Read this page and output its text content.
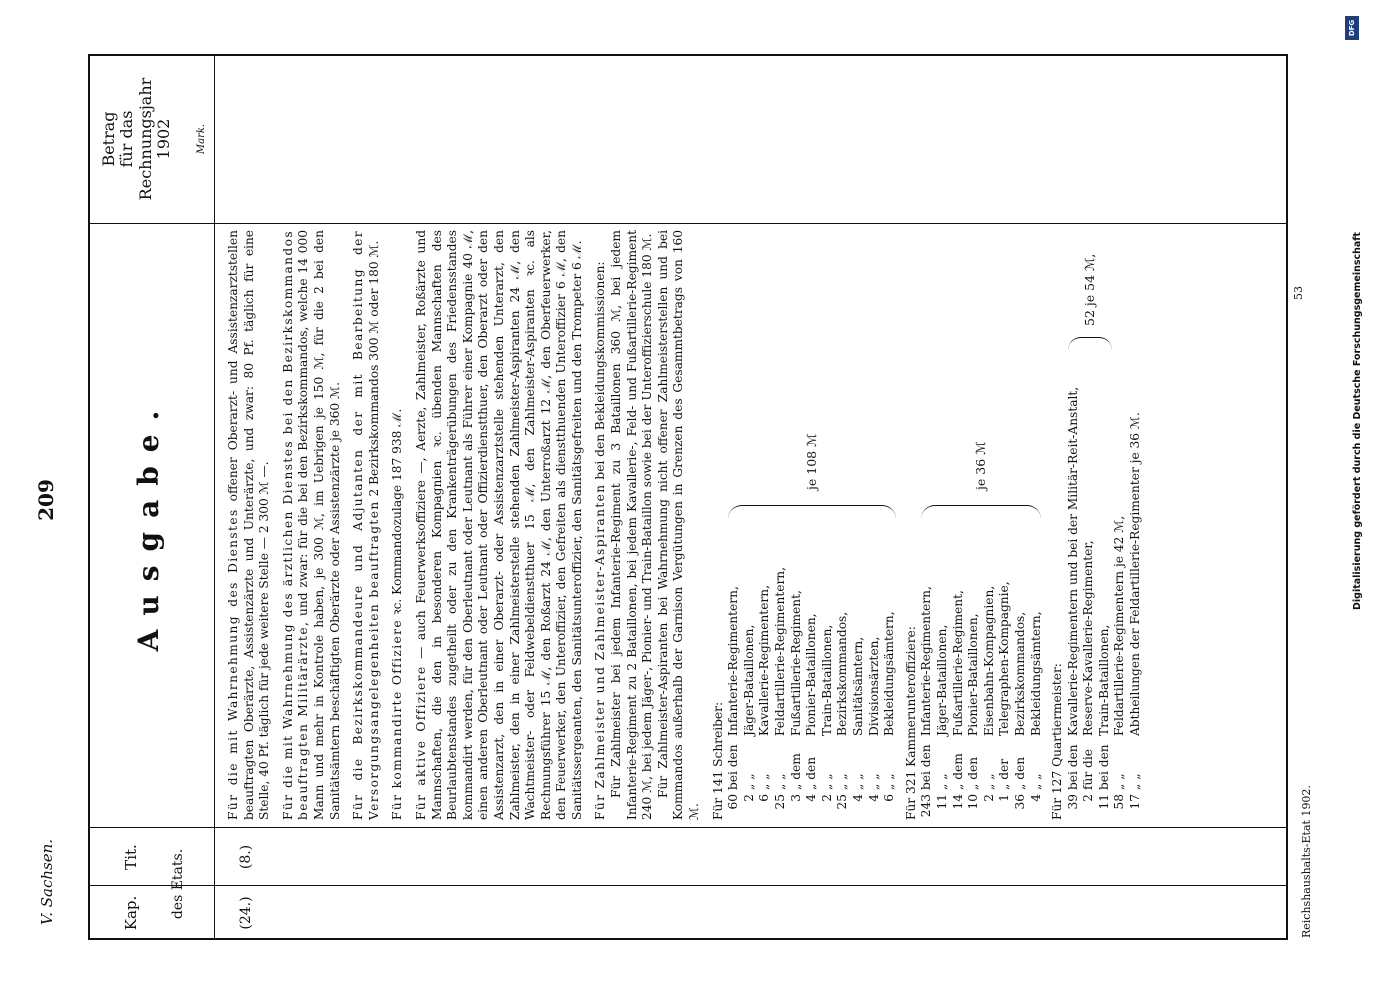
V. Sachsen.
209
Kap.
Tit. des Etats.
Betrag für das Rechnungsjahr 1902 Mark.
Ausgabe.
(24.)
(8.)

Für die mit Wahrnehmung des Dienstes offener Oberarzt- und Assistenzarztstellen beauftragten Oberärzte, Assistenzärzte und Unterärzte, und zwar: 80 Pf. täglich für eine Stelle, 40 Pf. täglich für jede weitere Stelle — 2 300 ℳ —. Für die mit Wahrnehmung des ärztlichen Dienstes bei den Bezirkskommandos beauftragten Militärärzte, und zwar: für die bei den Bezirkskommandos, welche 14 000 Mann und mehr in Kontrole haben, je 300 ℳ, im Uebrigen je 150 ℳ, für die 2 bei den Sanitätsämtern beschäftigten Oberärzte oder Assistenzärzte je 360 ℳ. Für die Bezirkskommandeure und Adjutanten der mit Bearbeitung der Versorgungsangelegenheiten beauftragten 2 Bezirkskommandos 300 ℳ oder 180 ℳ.

Für kommandirte Offiziere ꝛc. Kommandozulage 187 938 ℳ.

Für aktive Offiziere — auch Feuerwerksoffiziere —, Aerzte, Zahlmeister, Roßärzte und Mannschaften, die den in besonderen Kompagnien ꝛc. übenden Mannschaften des Beurlaubtenstandes zugetheilt oder zu den Krankenträgerübungen des Friedensstandes kommandirt werden, für den Oberleutnant oder Leutnant als Führer einer Kompagnie 40 ℳ, einen anderen Oberleutnant oder Leutnant oder Offizierdienstthuer, den Oberarzt oder den Assistenzarzt, den in einer Oberarzt- oder Assistenzarztstelle stehenden Unterarzt, den Zahlmeister, den in einer Zahlmeisterstelle stehenden Zahlmeister-Aspiranten 24 ℳ, den Wachtmeister- oder Feldwebeldienstthuer 15 ℳ, den Zahlmeister-Aspiranten ꝛc. als Rechnungsführer 15 ℳ, den Roßarzt 24 ℳ, den Unterroßarzt 12 ℳ, den Oberfeuerwerker, den Feuerwerker, den Unteroffizier, den Gefreiten als dienstthuenden Unteroffizier 6 ℳ, den Sanitätssergeanten, den Sanitätsunteroffizier, den Sanitätsgefreiten und den Trompeter 6 ℳ. Für Zahlmeister und Zahlmeister-Aspiranten bei den Bekleidungskommissionen: Für Zahlmeister bei jedem Infanterie-Regiment zu 3 Bataillonen 360 ℳ, bei jedem Infanterie-Regiment zu 2 Bataillonen, bei jedem Kavallerie-, Feld- und Fußartillerie-Regiment 240 ℳ, bei jedem Jäger-, Pionier- und Train-Bataillon sowie bei der Unteroffizierschule 180 ℳ. Für Zahlmeister-Aspiranten bei Wahrnehmung nicht offener Zahlmeisterstellen und bei Kommandos außerhalb der Garnison Vergütungen in Grenzen des Gesammtbetrags von 160 ℳ. Für 141 Schreiber: 60
bei den
Infanterie-Regimentern,
2
„ „
Jäger-Bataillonen,
6
„ „
Kavallerie-Regimentern,
25
„ „
Feldartillerie-Regimentern,
3
„ dem
Fußartillerie-Regiment,
4
„ den
Pionier-Bataillonen,
2
„ „
Train-Bataillonen,
25
„ „
Bezirkskommandos,
4
„ „
Sanitätsämtern,
4
„ „
Divisionsärzten,
6
„ „
Bekleidungsämtern,
je 108 ℳ
Für 321 Kammerunteroffiziere: 243
bei den
Infanterie-Regimentern,
11
„ „
Jäger-Bataillonen,
14
„ dem
Fußartillerie-Regiment,
10
„ den
Pionier-Bataillonen,
2
„ „
Eisenbahn-Kompagnien,
1
„ der
Telegraphen-Kompagnie,
36
„ den
Bezirkskommandos,
4
„ „
Bekleidungsämtern,
je 36 ℳ
Für 127 Quartiermeister: 39
bei den
Kavallerie-Regimentern und bei der Militär-Reit-Anstalt,
2
für die
Reserve-Kavallerie-Regimenter,
11
bei den
Train-Bataillonen,
58
„ „
Feldartillerie-Regimentern je 42 ℳ,
17
„ „
Abtheilungen der Feldartillerie-Regimenter je 36 ℳ.
52 je 54 ℳ,
Reichshaushalts-Etat 1902.
53	Digitalisierung gefördert durch die Deutsche Forschungsgemeinschaft
DFG
